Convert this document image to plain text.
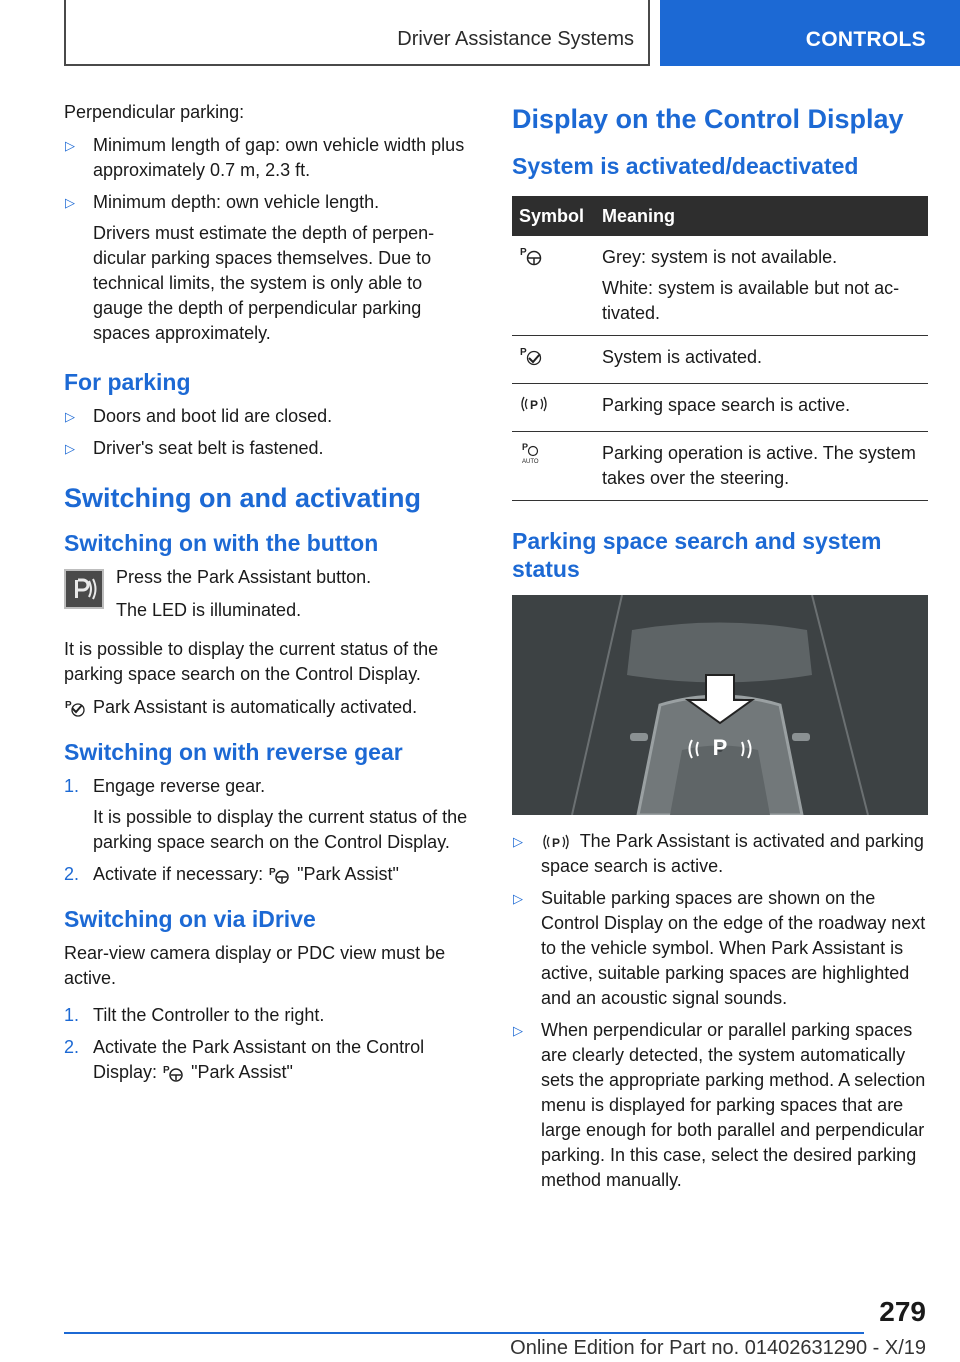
Driver Assistance Systems	CONTROLS

Perpendicular parking:

▷ Minimum length of gap: own vehicle width plus approximately 0.7 m, 2.3 ft.
▷ Minimum depth: own vehicle length.
Drivers must estimate the depth of perpendicular parking spaces themselves. Due to technical limits, the system is only able to gauge the depth of perpendicular parking spaces approximately.
For parking
▷ Doors and boot lid are closed.
▷ Driver's seat belt is fastened.
Switching on and activating
Switching on with the button

Press the Park Assistant button.

The LED is illuminated.

It is possible to display the current status of the parking space search on the Control Display.

P Park Assistant is automatically activated.

Switching on with reverse gear
1. Engage reverse gear.
It is possible to display the current status of the parking space search on the Control Display.
2. Activate if necessary: P "Park Assist"
Switching on via iDrive

Rear-view camera display or PDC view must be active.

1. Tilt the Controller to the right.
2. Activate the Park Assistant on the Control
Display: P "Park Assist"
Display on the Control Display
System is activated/deactivated
Symbol Meaning
P	Grey: system is not available.

White: system is available but not activated.

P	System is activated.

P	Parking space search is active.

P
AUTO	Parking operation is active. The system takes over the steering.

Parking space search and system status
P
▷ P The Park Assistant is activated and parking space search is active.
▷ Suitable parking spaces are shown on the Control Display on the edge of the roadway next to the vehicle symbol. When Park Assistant is active, suitable parking spaces are highlighted and an acoustic signal sounds.
▷ When perpendicular or parallel parking spaces are clearly detected, the system automatically sets the appropriate parking method. A selection menu is displayed for parking spaces that are large enough for both parallel and perpendicular parking. In this case, select the desired parking method manually.
279
Online Edition for Part no. 01402631290 - X/19
